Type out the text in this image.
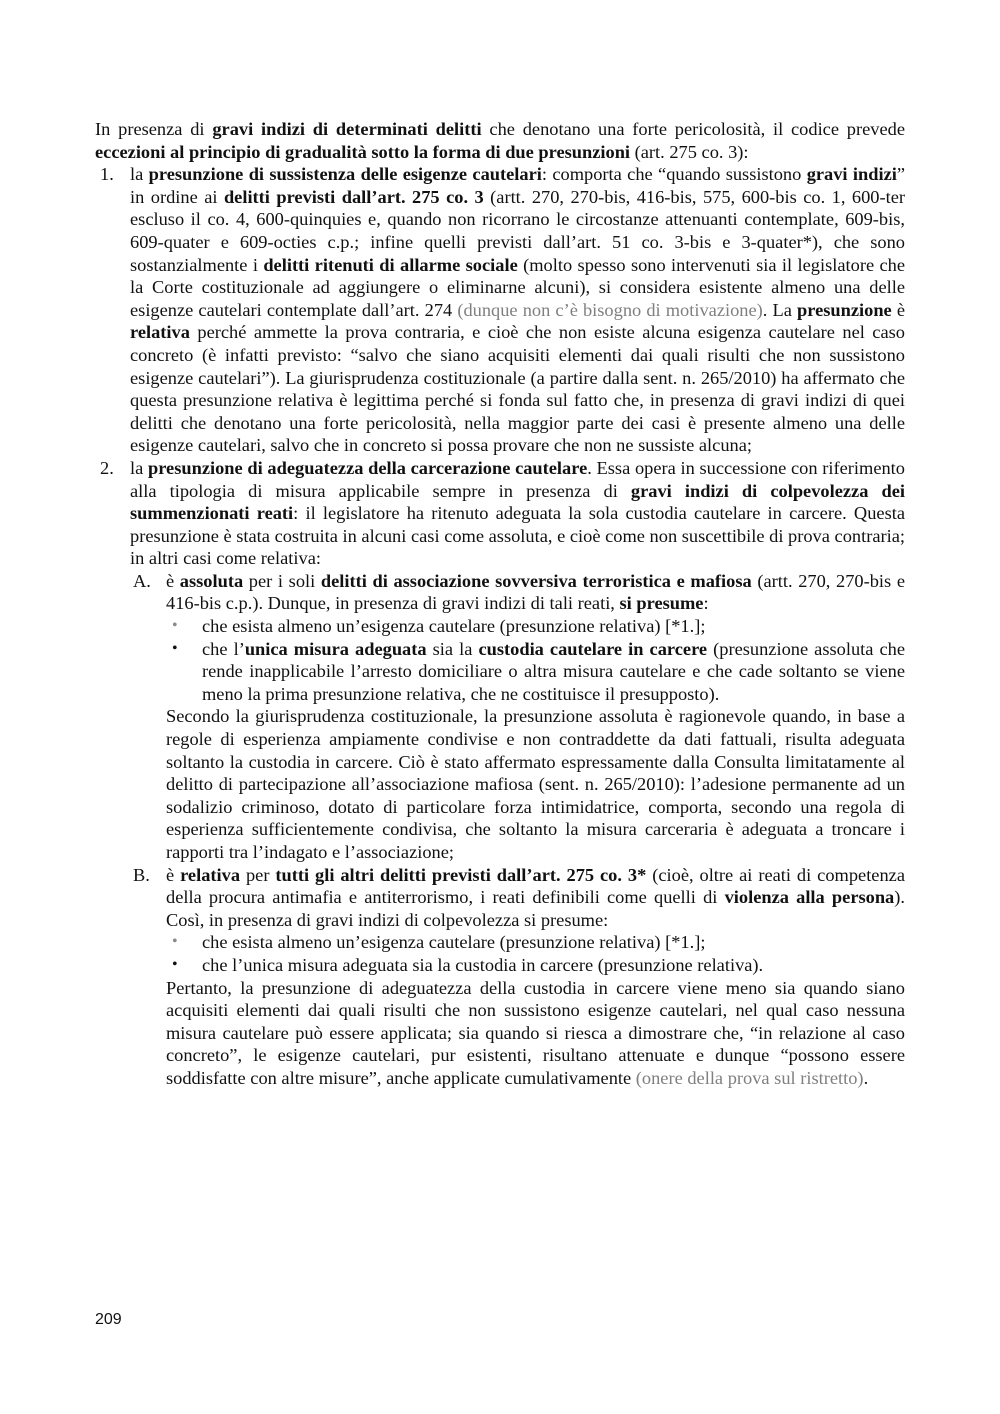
In presenza di gravi indizi di determinati delitti che denotano una forte pericolosità, il codice prevede eccezioni al principio di gradualità sotto la forma di due presunzioni (art. 275 co. 3):

1. la presunzione di sussistenza delle esigenze cautelari: comporta che “quando sussistono gravi indizi” in ordine ai delitti previsti dall’art. 275 co. 3 (artt. 270, 270-bis, 416-bis, 575, 600-bis co. 1, 600-ter escluso il co. 4, 600-quinquies e, quando non ricorrano le circostanze attenuanti contemplate, 609-bis, 609-quater e 609-octies c.p.; infine quelli previsti dall’art. 51 co. 3-bis e 3-quater*), che sono sostanzialmente i delitti ritenuti di allarme sociale (molto spesso sono intervenuti sia il legislatore che la Corte costituzionale ad aggiungere o eliminarne alcuni), si considera esistente almeno una delle esigenze cautelari contemplate dall’art. 274 (dunque non c’è bisogno di motivazione). La presunzione è relativa perché ammette la prova contraria, e cioè che non esiste alcuna esigenza cautelare nel caso concreto (è infatti previsto: “salvo che siano acquisiti elementi dai quali risulti che non sussistono esigenze cautelari”). La giurisprudenza costituzionale (a partire dalla sent. n. 265/2010) ha affermato che questa presunzione relativa è legittima perché si fonda sul fatto che, in presenza di gravi indizi di quei delitti che denotano una forte pericolosità, nella maggior parte dei casi è presente almeno una delle esigenze cautelari, salvo che in concreto si possa provare che non ne sussiste alcuna;

2. la presunzione di adeguatezza della carcerazione cautelare. Essa opera in successione con riferimento alla tipologia di misura applicabile sempre in presenza di gravi indizi di colpevolezza dei summenzionati reati: il legislatore ha ritenuto adeguata la sola custodia cautelare in carcere. Questa presunzione è stata costruita in alcuni casi come assoluta, e cioè come non suscettibile di prova contraria; in altri casi come relativa:

A. è assoluta per i soli delitti di associazione sovversiva terroristica e mafiosa (artt. 270, 270-bis e 416-bis c.p.). Dunque, in presenza di gravi indizi di tali reati, si presume:

• che esista almeno un’esigenza cautelare (presunzione relativa) [*1.];

• che l’unica misura adeguata sia la custodia cautelare in carcere (presunzione assoluta che rende inapplicabile l’arresto domiciliare o altra misura cautelare e che cade soltanto se viene meno la prima presunzione relativa, che ne costituisce il presupposto).

Secondo la giurisprudenza costituzionale, la presunzione assoluta è ragionevole quando, in base a regole di esperienza ampiamente condivise e non contraddette da dati fattuali, risulta adeguata soltanto la custodia in carcere. Ciò è stato affermato espressamente dalla Consulta limitatamente al delitto di partecipazione all’associazione mafiosa (sent. n. 265/2010): l’adesione permanente ad un sodalizio criminoso, dotato di particolare forza intimidatrice, comporta, secondo una regola di esperienza sufficientemente condivisa, che soltanto la misura carceraria è adeguata a troncare i rapporti tra l’indagato e l’associazione;

B. è relativa per tutti gli altri delitti previsti dall’art. 275 co. 3* (cioè, oltre ai reati di competenza della procura antimafia e antiterrorismo, i reati definibili come quelli di violenza alla persona). Così, in presenza di gravi indizi di colpevolezza si presume:

• che esista almeno un’esigenza cautelare (presunzione relativa) [*1.];

• che l’unica misura adeguata sia la custodia in carcere (presunzione relativa).

Pertanto, la presunzione di adeguatezza della custodia in carcere viene meno sia quando siano acquisiti elementi dai quali risulti che non sussistono esigenze cautelari, nel qual caso nessuna misura cautelare può essere applicata; sia quando si riesca a dimostrare che, “in relazione al caso concreto”, le esigenze cautelari, pur esistenti, risultano attenuate e dunque “possono essere soddisfatte con altre misure”, anche applicate cumulativamente (onere della prova sul ristretto).

209
